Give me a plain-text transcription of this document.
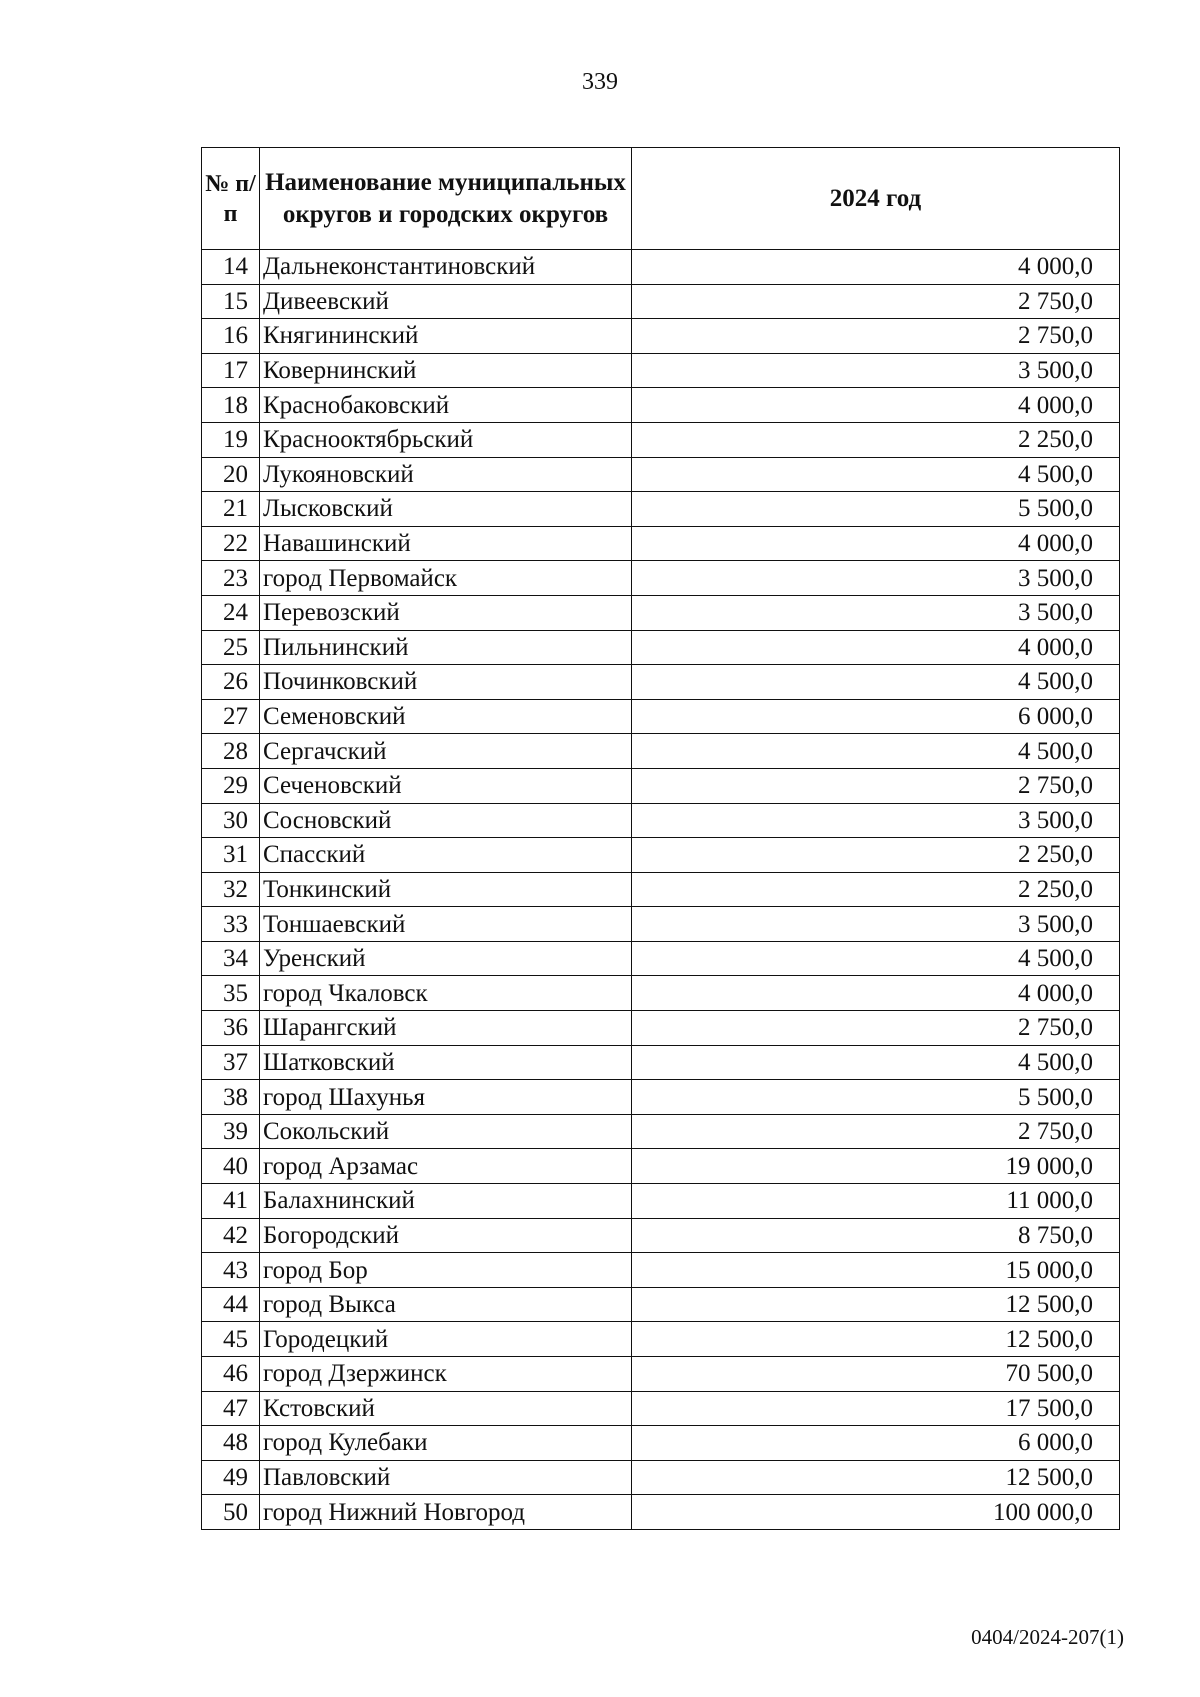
339
№ п/п	Наименование муниципальных округов и городских округов	2024 год
14	Дальнеконстантиновский	4 000,0
15	Дивеевский	2 750,0
16	Княгининский	2 750,0
17	Ковернинский	3 500,0
18	Краснобаковский	4 000,0
19	Краснооктябрьский	2 250,0
20	Лукояновский	4 500,0
21	Лысковский	5 500,0
22	Навашинский	4 000,0
23	город Первомайск	3 500,0
24	Перевозский	3 500,0
25	Пильнинский	4 000,0
26	Починковский	4 500,0
27	Семеновский	6 000,0
28	Сергачский	4 500,0
29	Сеченовский	2 750,0
30	Сосновский	3 500,0
31	Спасский	2 250,0
32	Тонкинский	2 250,0
33	Тоншаевский	3 500,0
34	Уренский	4 500,0
35	город Чкаловск	4 000,0
36	Шарангский	2 750,0
37	Шатковский	4 500,0
38	город Шахунья	5 500,0
39	Сокольский	2 750,0
40	город Арзамас	19 000,0
41	Балахнинский	11 000,0
42	Богородский	8 750,0
43	город Бор	15 000,0
44	город Выкса	12 500,0
45	Городецкий	12 500,0
46	город Дзержинск	70 500,0
47	Кстовский	17 500,0
48	город Кулебаки	6 000,0
49	Павловский	12 500,0
50	город Нижний Новгород	100 000,0
0404/2024-207(1)
